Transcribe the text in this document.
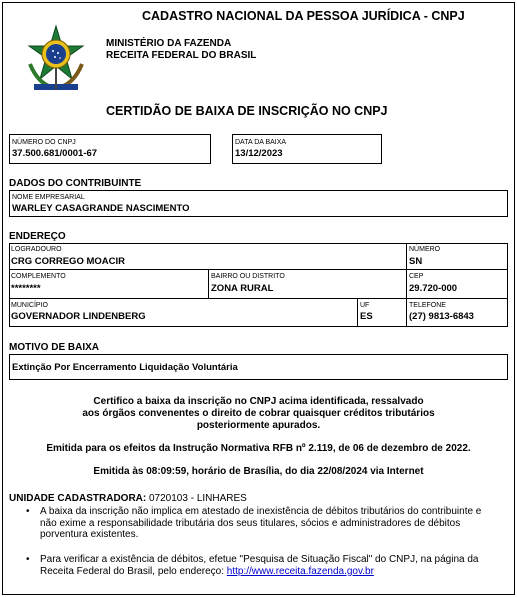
CADASTRO NACIONAL DA PESSOA JURÍDICA - CNPJ
MINISTÉRIO DA FAZENDA
RECEITA FEDERAL DO BRASIL
CERTIDÃO DE BAIXA DE INSCRIÇÃO NO CNPJ
NÚMERO DO CNPJ
37.500.681/0001-67
DATA DA BAIXA
13/12/2023
DADOS DO CONTRIBUINTE
NOME EMPRESARIAL
WARLEY CASAGRANDE NASCIMENTO
ENDEREÇO
LOGRADOURO
CRG CORREGO MOACIR
NÚMERO
SN
COMPLEMENTO
********
BAIRRO OU DISTRITO
ZONA RURAL
CEP
29.720-000
MUNICÍPIO
GOVERNADOR LINDENBERG
UF
ES
TELEFONE
(27) 9813-6843
MOTIVO DE BAIXA
Extinção Por Encerramento Liquidação Voluntária
Certifico a baixa da inscrição no CNPJ acima identificada, ressalvado
aos órgãos convenentes o direito de cobrar quaisquer créditos tributários
posteriormente apurados.
Emitida para os efeitos da Instrução Normativa RFB nº 2.119, de 06 de dezembro de 2022.
Emitida às 08:09:59, horário de Brasília, do dia 22/08/2024 via Internet
UNIDADE CADASTRADORA: 0720103 - LINHARES
• A baixa da inscrição não implica em atestado de inexistência de débitos tributários do contribuinte e
não exime a responsabilidade tributária dos seus titulares, sócios e administradores de débitos
porventura existentes.
• Para verificar a existência de débitos, efetue "Pesquisa de Situação Fiscal" do CNPJ, na página da
Receita Federal do Brasil, pelo endereço: http://www.receita.fazenda.gov.br
